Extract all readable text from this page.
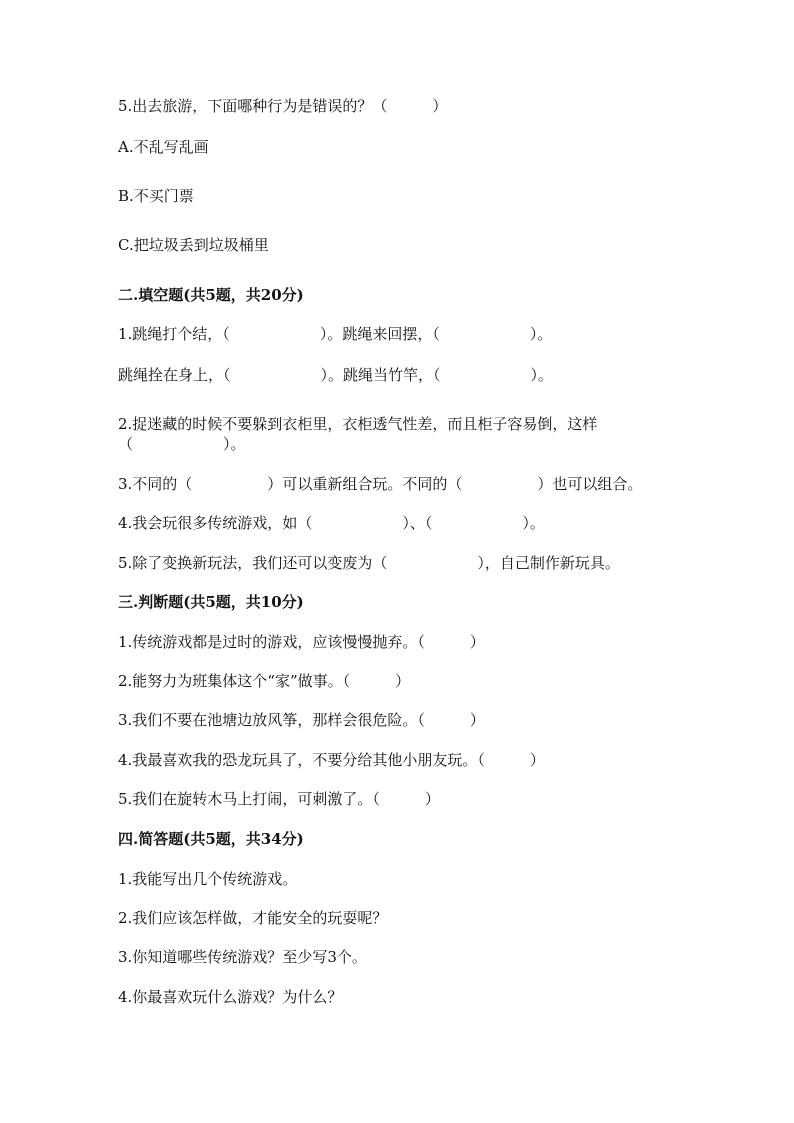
5.出去旅游，下面哪种行为是错误的？（　　　）
A.不乱写乱画
B.不买门票
C.把垃圾丢到垃圾桶里
二.填空题(共5题，共20分)
1.跳绳打个结，（　　　　　　）。跳绳来回摆，（　　　　　　）。
跳绳拴在身上，（　　　　　　）。跳绳当竹竿，（　　　　　　）。
2.捉迷藏的时候不要躲到衣柜里，衣柜透气性差，而且柜子容易倒，这样
（　　　　　　）。
3.不同的（　　　　　）可以重新组合玩。不同的（　　　　　）也可以组合。
4.我会玩很多传统游戏，如（　　　　　　）、（　　　　　　）。
5.除了变换新玩法，我们还可以变废为（　　　　　　），自己制作新玩具。
三.判断题(共5题，共10分)
1.传统游戏都是过时的游戏，应该慢慢抛弃。（　　　）
2.能努力为班集体这个“家”做事。（　　　）
3.我们不要在池塘边放风筝，那样会很危险。（　　　）
4.我最喜欢我的恐龙玩具了，不要分给其他小朋友玩。（　　　）
5.我们在旋转木马上打闹，可刺激了。（　　　）
四.简答题(共5题，共34分)
1.我能写出几个传统游戏。
2.我们应该怎样做，才能安全的玩耍呢？
3.你知道哪些传统游戏？至少写3个。
4.你最喜欢玩什么游戏？为什么？
